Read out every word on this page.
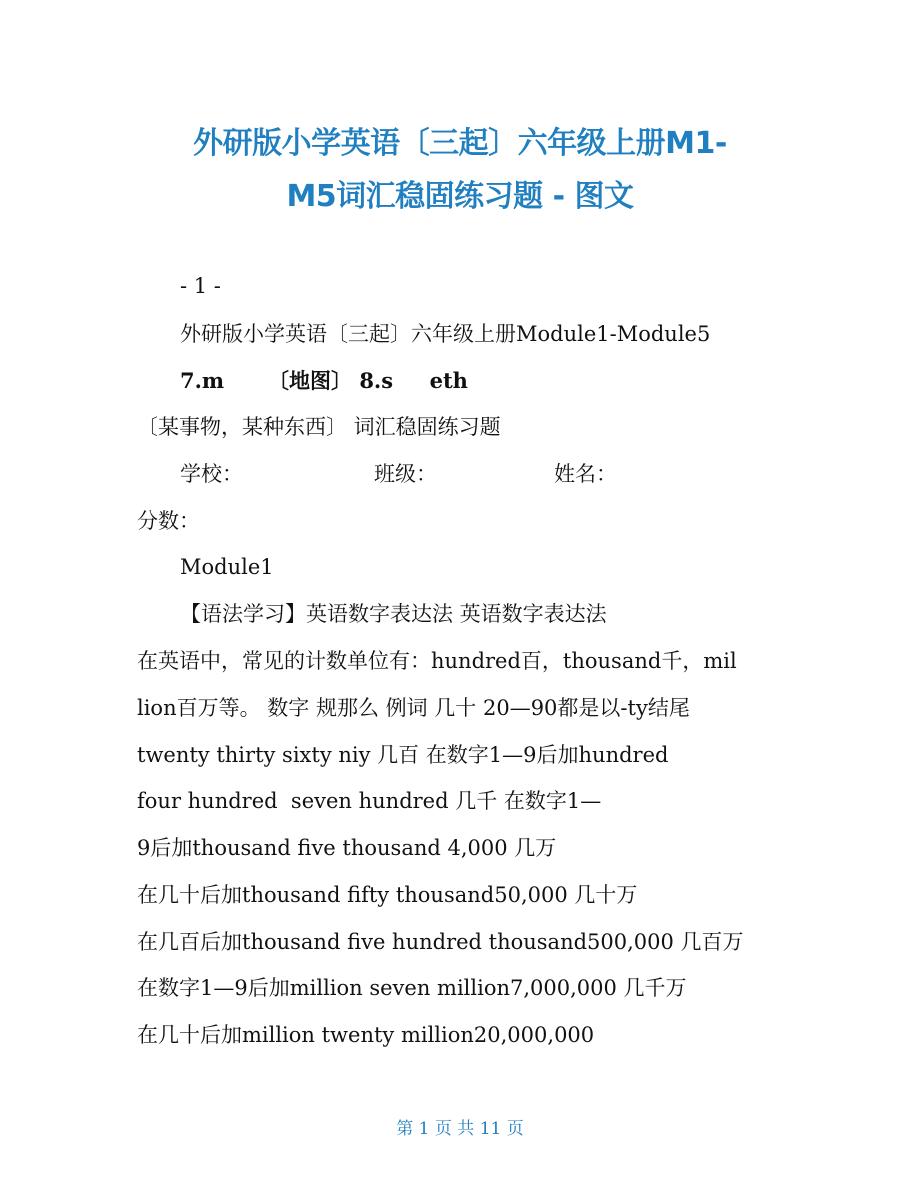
外研版小学英语〔三起〕六年级上册M1-
M5词汇稳固练习题 - 图文
- 1 -
外研版小学英语〔三起〕六年级上册Module1-Module5
7.m      〔地图〕 8.s     eth
〔某事物，某种东西〕 词汇稳固练习题
学校：	班级：	姓名：
分数：
Module1
【语法学习】英语数字表达法 英语数字表达法
在英语中，常见的计数单位有：hundred百，thousand千，mil
lion百万等。 数字 规那么 例词 几十 20—90都是以-ty结尾
twenty thirty sixty niy 几百 在数字1—9后加hundred
four hundred  seven hundred 几千 在数字1—
9后加thousand five thousand 4,000 几万
在几十后加thousand fifty thousand50,000 几十万
在几百后加thousand five hundred thousand500,000 几百万
在数字1—9后加million seven million7,000,000 几千万
在几十后加million twenty million20,000,000
第 1 页 共 11 页
